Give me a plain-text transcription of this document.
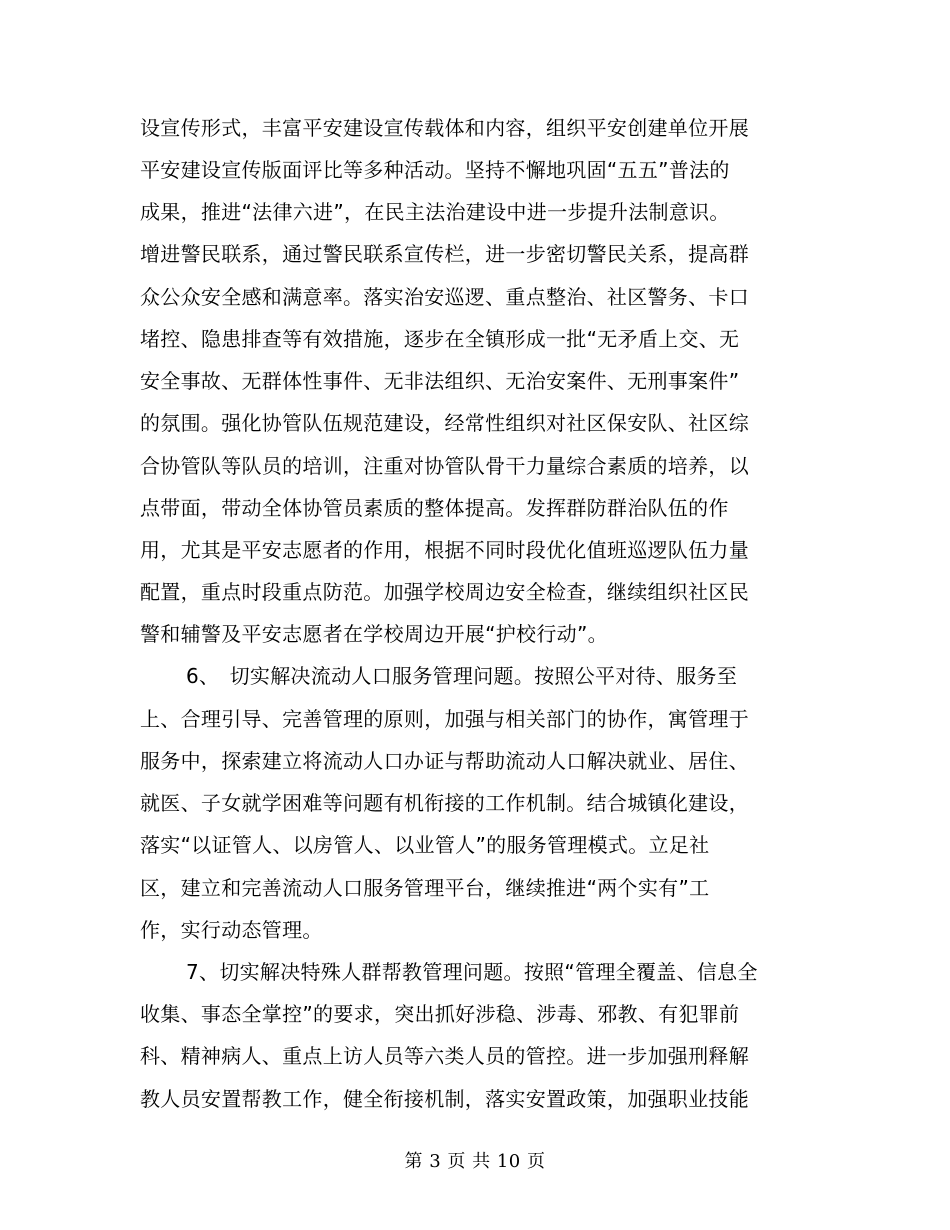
设宣传形式，丰富平安建设宣传载体和内容，组织平安创建单位开展
平安建设宣传版面评比等多种活动。坚持不懈地巩固“五五”普法的
成果，推进“法律六进”，在民主法治建设中进一步提升法制意识。
增进警民联系，通过警民联系宣传栏，进一步密切警民关系，提高群
众公众安全感和满意率。落实治安巡逻、重点整治、社区警务、卡口
堵控、隐患排查等有效措施，逐步在全镇形成一批“无矛盾上交、无
安全事故、无群体性事件、无非法组织、无治安案件、无刑事案件”
的氛围。强化协管队伍规范建设，经常性组织对社区保安队、社区综
合协管队等队员的培训，注重对协管队骨干力量综合素质的培养，以
点带面，带动全体协管员素质的整体提高。发挥群防群治队伍的作
用，尤其是平安志愿者的作用，根据不同时段优化值班巡逻队伍力量
配置，重点时段重点防范。加强学校周边安全检查，继续组织社区民
警和辅警及平安志愿者在学校周边开展“护校行动”。
6、　切实解决流动人口服务管理问题。按照公平对待、服务至
上、合理引导、完善管理的原则，加强与相关部门的协作，寓管理于
服务中，探索建立将流动人口办证与帮助流动人口解决就业、居住、
就医、子女就学困难等问题有机衔接的工作机制。结合城镇化建设，
落实“以证管人、以房管人、以业管人”的服务管理模式。立足社
区，建立和完善流动人口服务管理平台，继续推进“两个实有”工
作，实行动态管理。
7、切实解决特殊人群帮教管理问题。按照“管理全覆盖、信息全
收集、事态全掌控”的要求，突出抓好涉稳、涉毒、邪教、有犯罪前
科、精神病人、重点上访人员等六类人员的管控。进一步加强刑释解
教人员安置帮教工作，健全衔接机制，落实安置政策，加强职业技能
第 3 页 共 10 页
